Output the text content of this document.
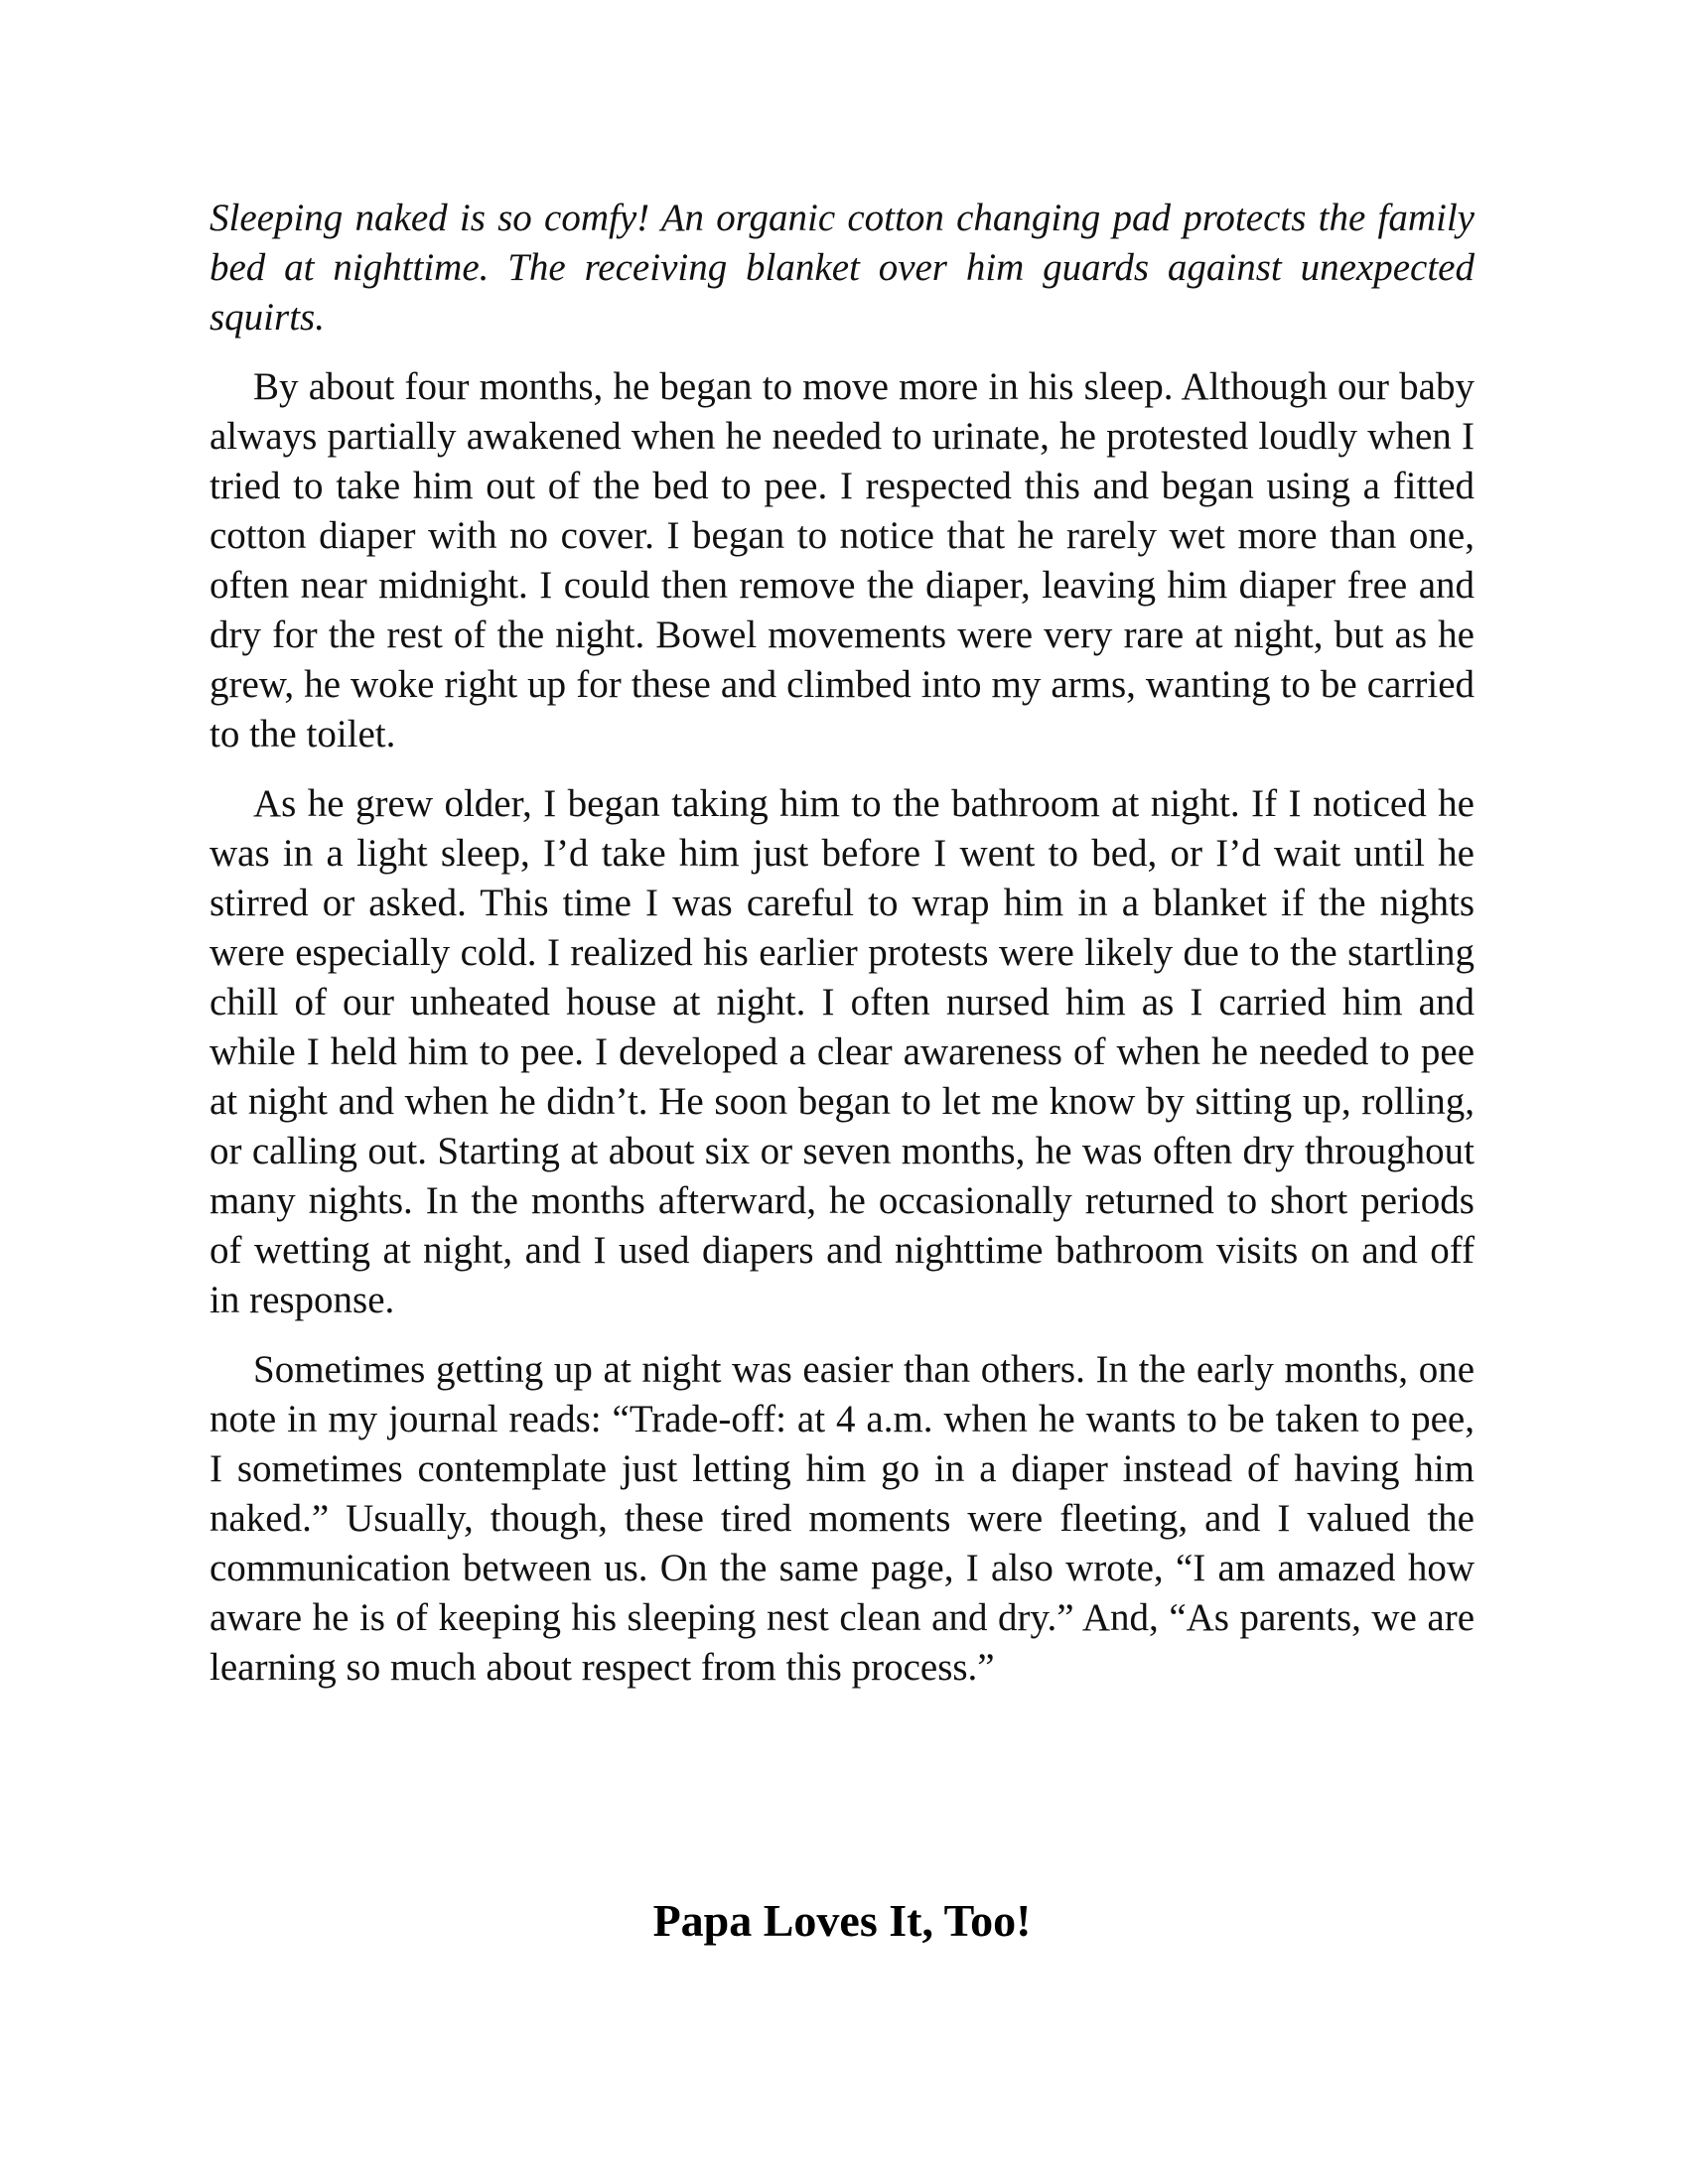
Sleeping naked is so comfy! An organic cotton changing pad protects the family bed at nighttime. The receiving blanket over him guards against unexpected squirts.

By about four months, he began to move more in his sleep. Although our baby always partially awakened when he needed to urinate, he protested loudly when I tried to take him out of the bed to pee. I respected this and began using a fitted cotton diaper with no cover. I began to notice that he rarely wet more than one, often near midnight. I could then remove the diaper, leaving him diaper free and dry for the rest of the night. Bowel movements were very rare at night, but as he grew, he woke right up for these and climbed into my arms, wanting to be carried to the toilet.

As he grew older, I began taking him to the bathroom at night. If I noticed he was in a light sleep, I’d take him just before I went to bed, or I’d wait until he stirred or asked. This time I was careful to wrap him in a blanket if the nights were especially cold. I realized his earlier protests were likely due to the startling chill of our unheated house at night. I often nursed him as I carried him and while I held him to pee. I developed a clear awareness of when he needed to pee at night and when he didn’t. He soon began to let me know by sitting up, rolling, or calling out. Starting at about six or seven months, he was often dry throughout many nights. In the months afterward, he occasionally returned to short periods of wetting at night, and I used diapers and nighttime bathroom visits on and off in response.

Sometimes getting up at night was easier than others. In the early months, one note in my journal reads: “Trade-off: at 4 a.m. when he wants to be taken to pee, I sometimes contemplate just letting him go in a diaper instead of having him naked.” Usually, though, these tired moments were fleeting, and I valued the communication between us. On the same page, I also wrote, “I am amazed how aware he is of keeping his sleeping nest clean and dry.” And, “As parents, we are learning so much about respect from this process.”

Papa Loves It, Too!
